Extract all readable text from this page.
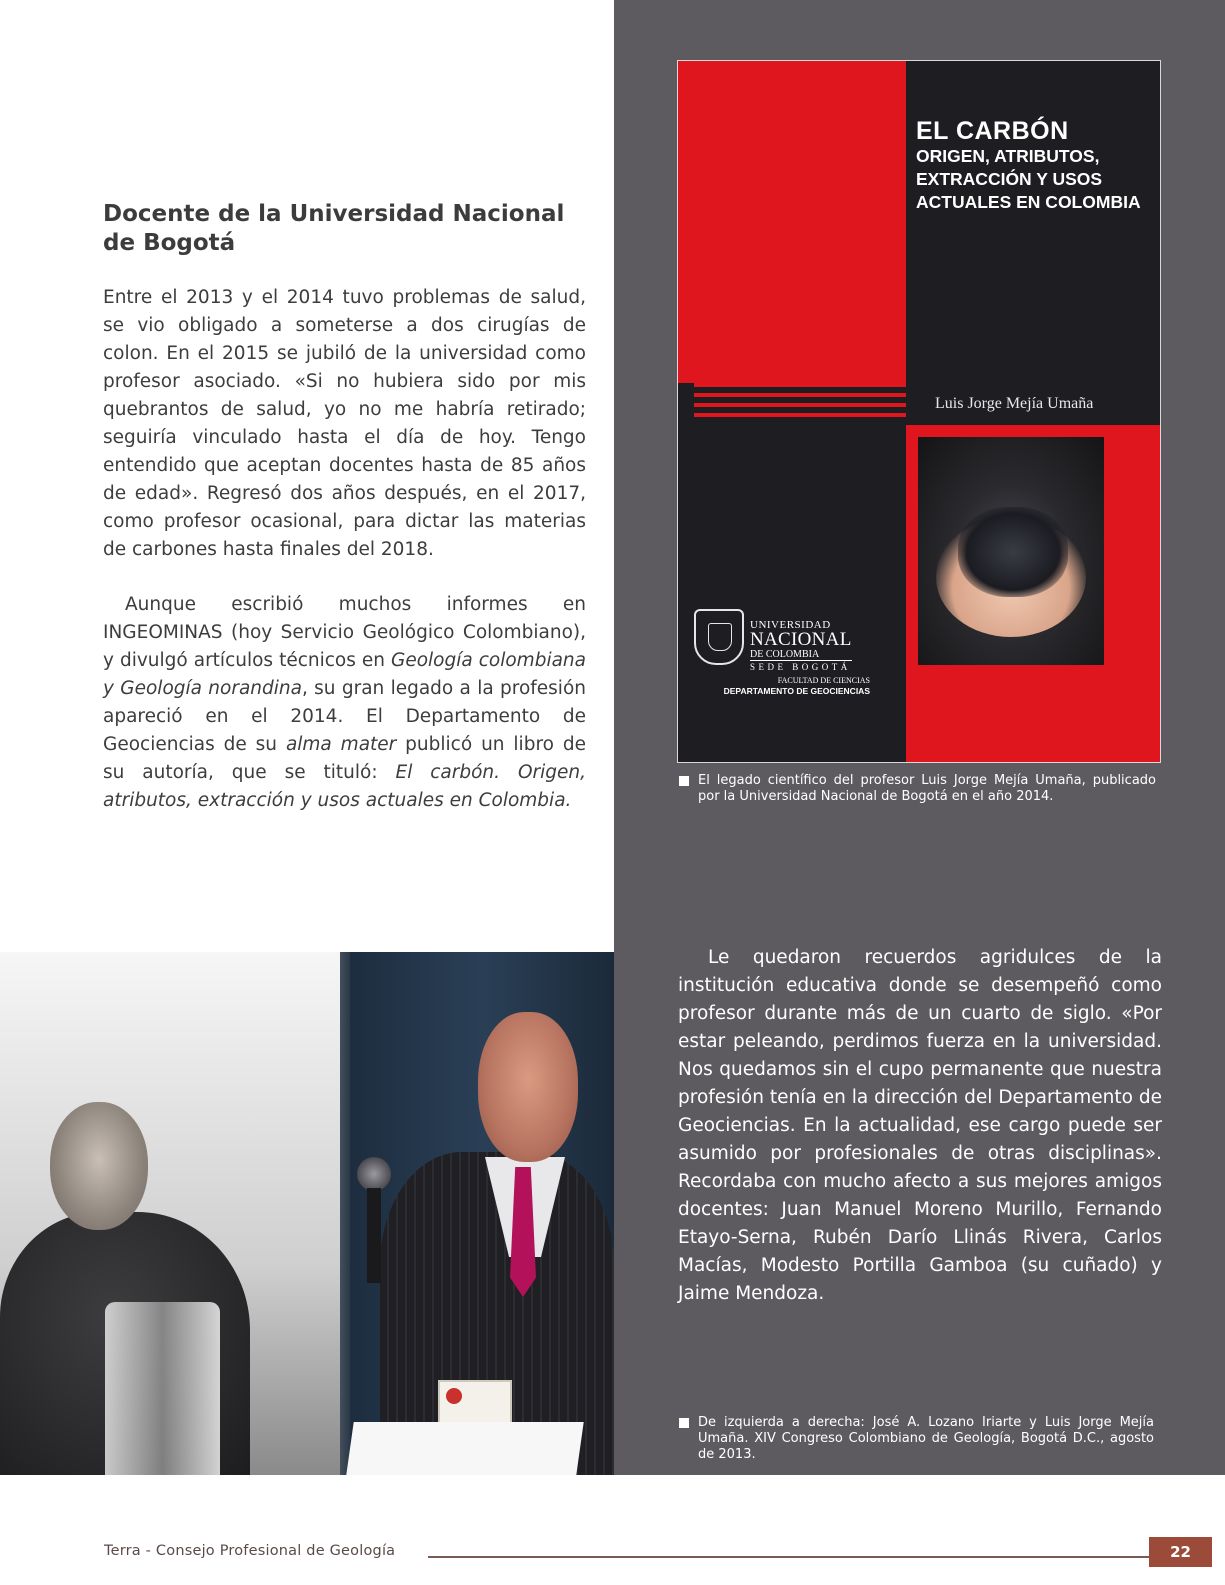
Docente de la Universidad Nacional de Bogotá

Entre el 2013 y el 2014 tuvo problemas de salud, se vio obligado a someterse a dos cirugías de colon. En el 2015 se jubiló de la universidad como profesor asociado. «Si no hubiera sido por mis quebrantos de salud, yo no me habría retirado; seguiría vinculado hasta el día de hoy. Tengo entendido que aceptan docentes hasta de 85 años de edad». Regresó dos años después, en el 2017, como profesor ocasional, para dictar las materias de carbones hasta finales del 2018.

Aunque escribió muchos informes en INGEOMINAS (hoy Servicio Geológico Colombiano), y divulgó artículos técnicos en Geología colombiana y Geología norandina, su gran legado a la profesión apareció en el 2014. El Departamento de Geociencias de su alma mater publicó un libro de su autoría, que se tituló: El carbón. Origen, atributos, extracción y usos actuales en Colombia.

EL CARBÓN
ORIGEN, ATRIBUTOS, EXTRACCIÓN Y USOS ACTUALES EN COLOMBIA
Luis Jorge Mejía Umaña
UNIVERSIDAD
NACIONAL
DE COLOMBIA
SEDE BOGOTÁ
FACULTAD DE CIENCIAS
DEPARTAMENTO DE GEOCIENCIAS

El legado científico del profesor Luis Jorge Mejía Umaña, publicado por la Universidad Nacional de Bogotá en el año 2014.

Le quedaron recuerdos agridulces de la institución educativa donde se desempeñó como profesor durante más de un cuarto de siglo. «Por estar peleando, perdimos fuerza en la universidad. Nos quedamos sin el cupo permanente que nuestra profesión tenía en la dirección del Departamento de Geociencias. En la actualidad, ese cargo puede ser asumido por profesionales de otras disciplinas». Recordaba con mucho afecto a sus mejores amigos docentes: Juan Manuel Moreno Murillo, Fernando Etayo-Serna, Rubén Darío Llinás Rivera, Carlos Macías, Modesto Portilla Gamboa (su cuñado) y Jaime Mendoza.

De izquierda a derecha: José A. Lozano Iriarte y Luis Jorge Mejía Umaña. XIV Congreso Colombiano de Geología, Bogotá D.C., agosto de 2013.

Terra - Consejo Profesional de Geología	22
